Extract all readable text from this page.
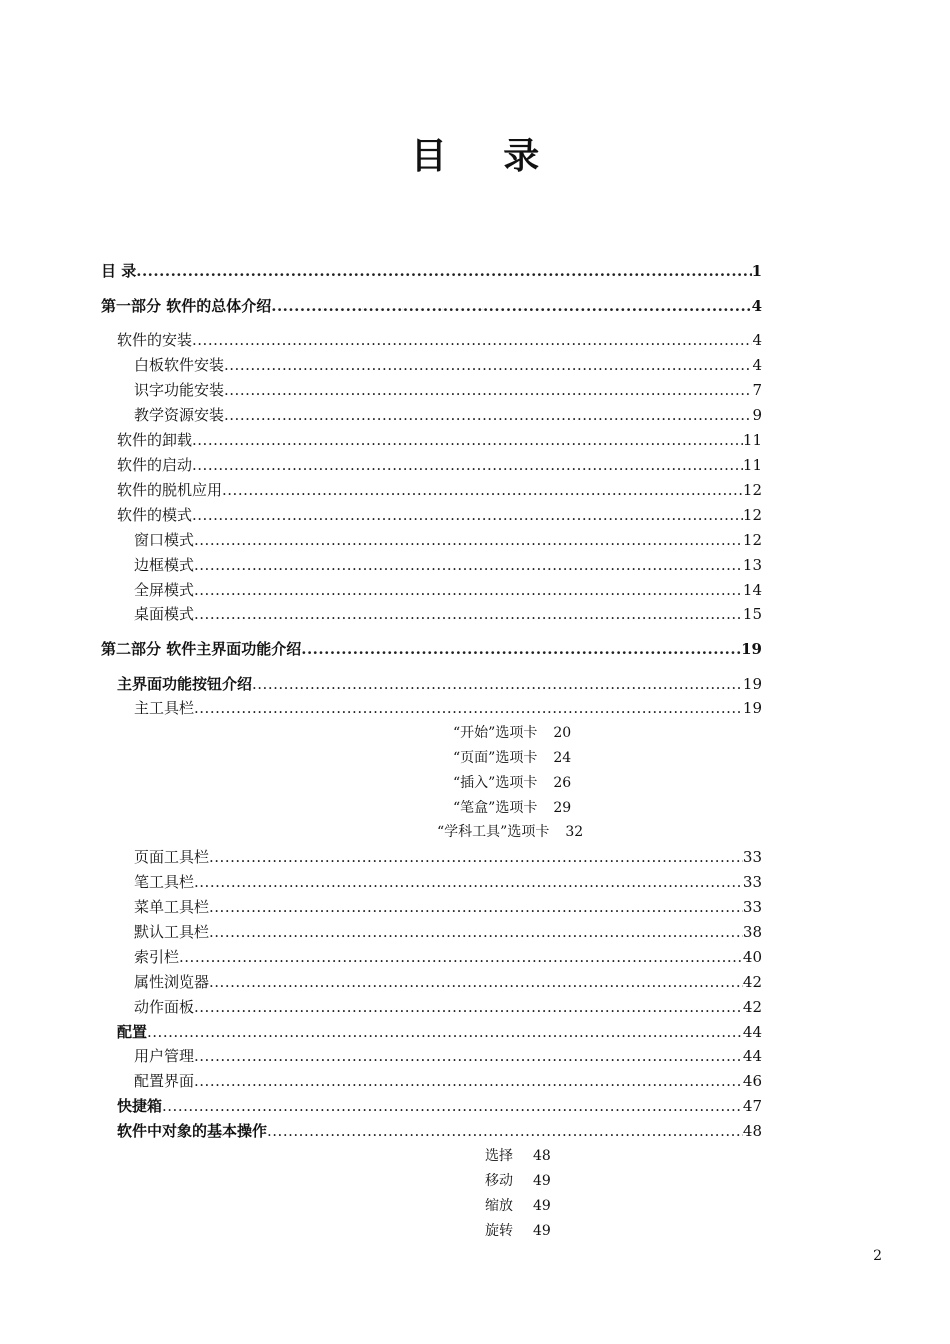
目 录
目 录 .....	1
第一部分 软件的总体介绍 .....	4
软件的安装 .....	4
白板软件安装 .....	4
识字功能安装 .....	7
教学资源安装 .....	9
软件的卸载 .....	11
软件的启动 .....	11
软件的脱机应用 .....	12
软件的模式 .....	12
窗口模式 .....	12
边框模式 .....	13
全屏模式 .....	14
桌面模式 .....	15
第二部分 软件主界面功能介绍 .....	19
主界面功能按钮介绍 .....	19
主工具栏 .....	19
“开始”选项卡 20
“页面”选项卡 24
“插入”选项卡 26
“笔盒”选项卡 29
“学科工具”选项卡 32
页面工具栏 .....	33
笔工具栏 .....	33
菜单工具栏 .....	33
默认工具栏 .....	38
索引栏 .....	40
属性浏览器 .....	42
动作面板 .....	42
配置 .....	44
用户管理 .....	44
配置界面 .....	46
快捷箱 .....	47
软件中对象的基本操作 .....	48
选择 48
移动 49
缩放 49
旋转 49
2
